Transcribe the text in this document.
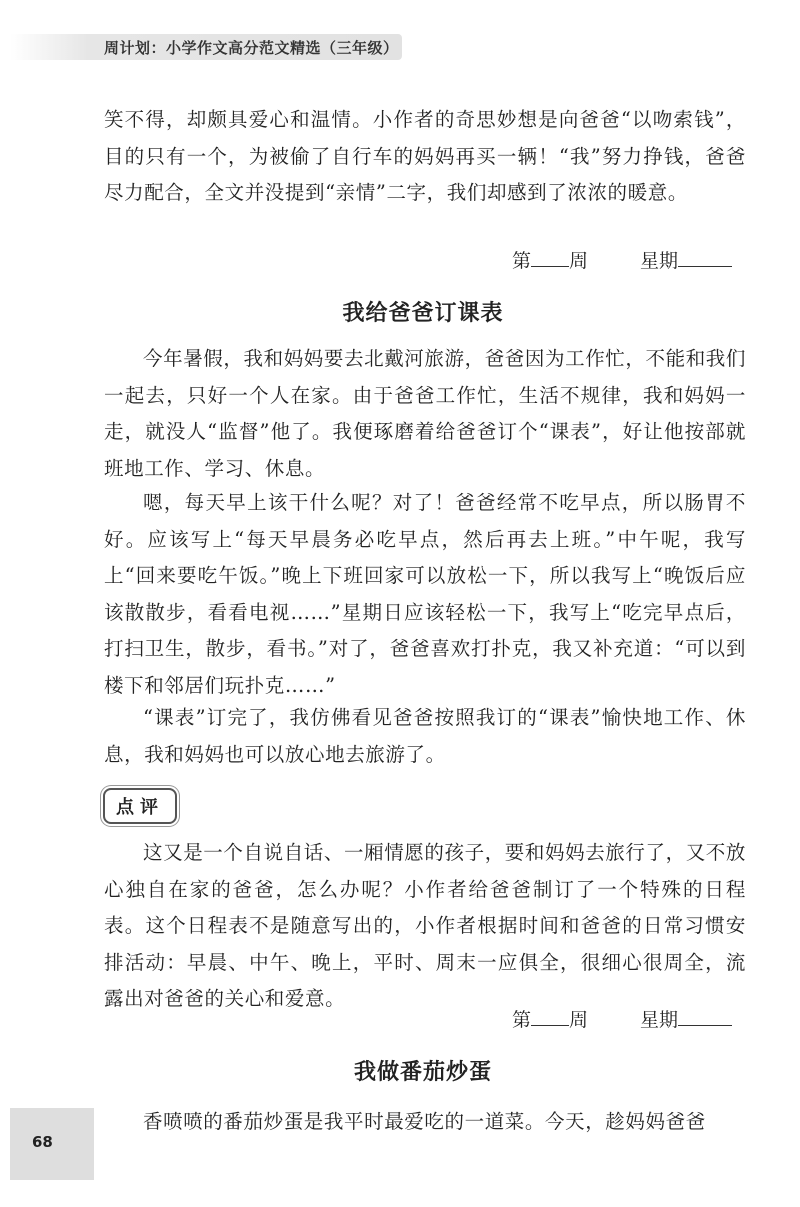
周计划：小学作文高分范文精选（三年级）

笑不得，却颇具爱心和温情。小作者的奇思妙想是向爸爸“以吻索钱”，目的只有一个，为被偷了自行车的妈妈再买一辆！“我”努力挣钱，爸爸尽力配合，全文并没提到“亲情”二字，我们却感到了浓浓的暖意。

第 周	星期
我给爸爸订课表

今年暑假，我和妈妈要去北戴河旅游，爸爸因为工作忙，不能和我们一起去，只好一个人在家。由于爸爸工作忙，生活不规律，我和妈妈一走，就没人“监督”他了。我便琢磨着给爸爸订个“课表”，好让他按部就班地工作、学习、休息。

嗯，每天早上该干什么呢？对了！爸爸经常不吃早点，所以肠胃不好。应该写上“每天早晨务必吃早点，然后再去上班。”中午呢，我写上“回来要吃午饭。”晚上下班回家可以放松一下，所以我写上“晚饭后应该散散步，看看电视……”星期日应该轻松一下，我写上“吃完早点后，打扫卫生，散步，看书。”对了，爸爸喜欢打扑克，我又补充道：“可以到楼下和邻居们玩扑克……”

“课表”订完了，我仿佛看见爸爸按照我订的“课表”愉快地工作、休息，我和妈妈也可以放心地去旅游了。

点评

这又是一个自说自话、一厢情愿的孩子，要和妈妈去旅行了，又不放心独自在家的爸爸，怎么办呢？小作者给爸爸制订了一个特殊的日程表。这个日程表不是随意写出的，小作者根据时间和爸爸的日常习惯安排活动：早晨、中午、晚上，平时、周末一应俱全，很细心很周全，流露出对爸爸的关心和爱意。

第 周	星期
我做番茄炒蛋

香喷喷的番茄炒蛋是我平时最爱吃的一道菜。今天，趁妈妈爸爸

68
